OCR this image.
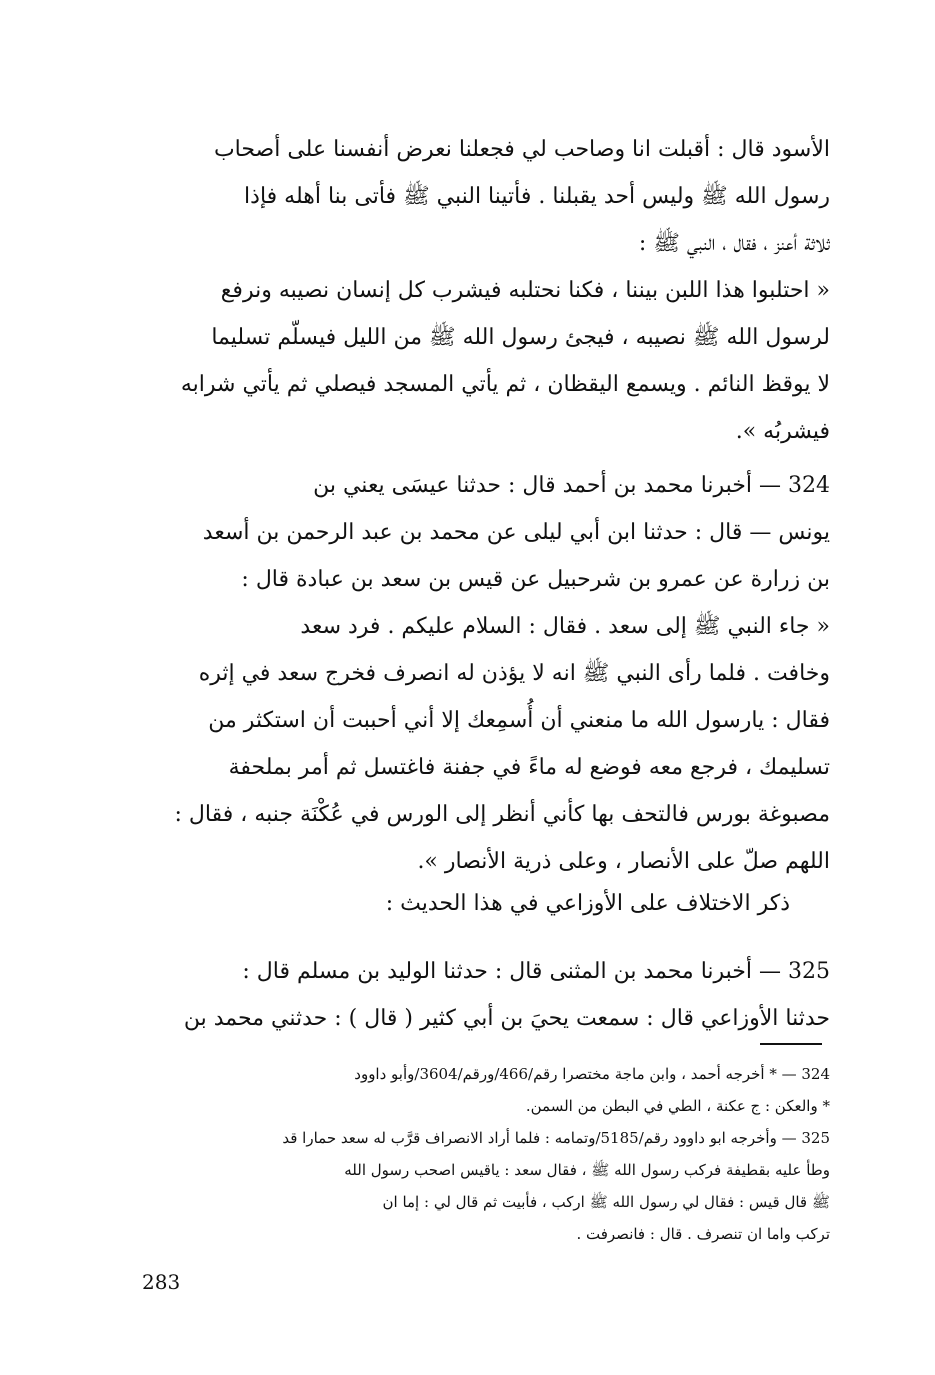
الأسود قال : أقبلت انا وصاحب لي فجعلنا نعرض أنفسنا على أصحاب
رسول الله ﷺ وليس أحد يقبلنا . فأتينا النبي ﷺ فأتى بنا أهله فإذا
ثلاثة أعنز ، فقال ، النبي ﷺ :
« احتلبوا هذا اللبن بيننا ، فكنا نحتلبه فيشرب كل إنسان نصيبه ونرفع
لرسول الله ﷺ نصيبه ، فيجئ رسول الله ﷺ من الليل فيسلّم تسليما
لا يوقظ النائم . ويسمع اليقظان ، ثم يأتي المسجد فيصلي ثم يأتي شرابه
فيشربُه ».
324 — أخبرنا محمد بن أحمد قال : حدثنا عيسَى يعني بن
يونس — قال : حدثنا ابن أبي ليلى عن محمد بن عبد الرحمن بن أسعد
بن زرارة عن عمرو بن شرحبيل عن قيس بن سعد بن عبادة قال :
« جاء النبي ﷺ إلى سعد . فقال : السلام عليكم . فرد سعد
وخافت . فلما رأى النبي ﷺ انه لا يؤذن له انصرف فخرج سعد في إثره
فقال : يارسول الله ما منعني أن أُسمِعك إلا أني أحببت أن استكثر من
تسليمك ، فرجع معه فوضع له ماءً في جفنة فاغتسل ثم أمر بملحفة
مصبوغة بورس فالتحف بها كأني أنظر إلى الورس في عُكْنَة جنبه ، فقال :
اللهم صلّ على الأنصار ، وعلى ذرية الأنصار ».
ذكر الاختلاف على الأوزاعي في هذا الحديث :
325 — أخبرنا محمد بن المثنى قال : حدثنا الوليد بن مسلم قال :
حدثنا الأوزاعي قال : سمعت يحيَ بن أبي كثير ( قال ) : حدثني محمد بن
324 — * أخرجه أحمد ، وابن ماجة مختصرا رقم/466/ورقم/3604/وأبو داوود
* والعكن : ج عكنة ، الطي في البطن من السمن.
325 — وأخرجه ابو داوود رقم/5185/وتمامه : فلما أراد الانصراف قرَّب له سعد حمارا قد
وطأ عليه بقطيفة فركب رسول الله ﷺ ، فقال سعد : ياقيس اصحب رسول الله
ﷺ قال قيس : فقال لي رسول الله ﷺ اركب ، فأبيت ثم قال لي : إما ان
تركب واما ان تنصرف . قال : فانصرفت .
283
